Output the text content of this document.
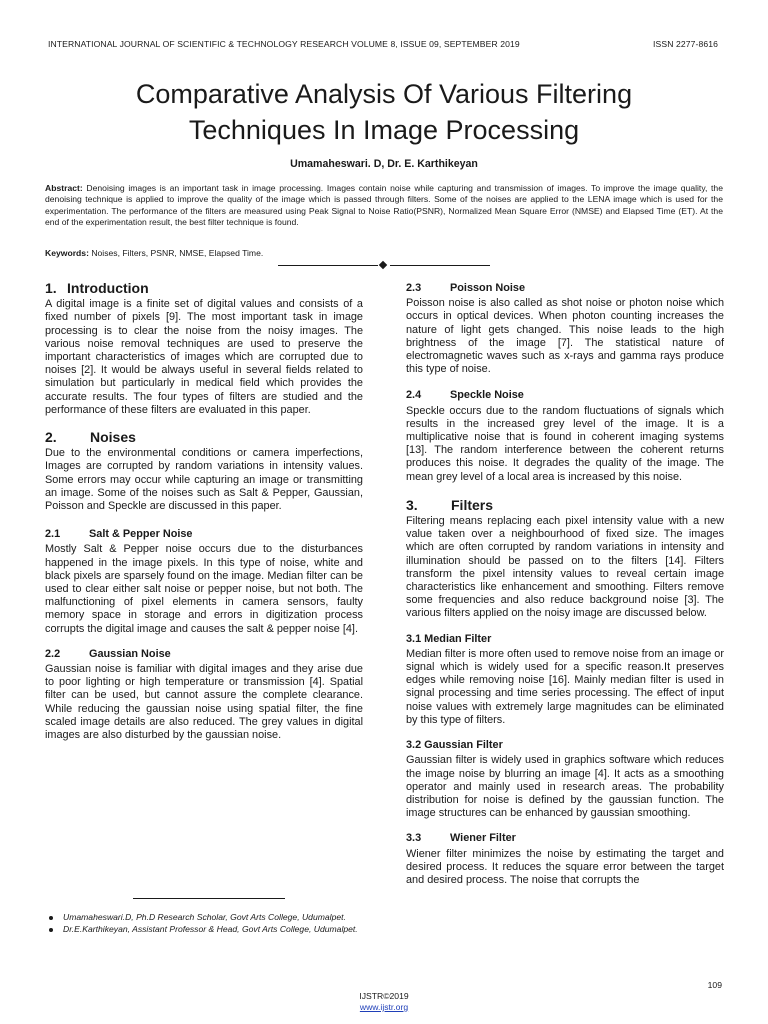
INTERNATIONAL JOURNAL OF SCIENTIFIC & TECHNOLOGY RESEARCH VOLUME 8, ISSUE 09, SEPTEMBER 2019	ISSN 2277-8616
Comparative Analysis Of Various Filtering
Techniques In Image Processing
Umamaheswari. D, Dr. E. Karthikeyan

Abstract: Denoising images is an important task in image processing. Images contain noise while capturing and transmission of images. To improve the image quality, the denoising technique is applied to improve the quality of the image which is passed through filters. Some of the noises are applied to the LENA image which is used for the experimentation. The performance of the filters are measured using Peak Signal to Noise Ratio(PSNR), Normalized Mean Square Error (NMSE) and Elapsed Time (ET). At the end of the experimentation result, the best filter technique is found.

Keywords: Noises, Filters, PSNR, NMSE, Elapsed Time.

1. Introduction

A digital image is a finite set of digital values and consists of a fixed number of pixels [9]. The most important task in image processing is to clear the noise from the noisy images. The various noise removal techniques are used to preserve the important characteristics of images which are corrupted due to noises [2]. It would be always useful in several fields related to simulation but particularly in medical field which provides the accurate results. The four types of filters are studied and the performance of these filters are evaluated in this paper.

2. Noises

Due to the environmental conditions or camera imperfections, Images are corrupted by random variations in intensity values. Some errors may occur while capturing an image or transmitting an image. Some of the noises such as Salt & Pepper, Gaussian, Poisson and Speckle are discussed in this paper.

2.1	Salt & Pepper Noise

Mostly Salt & Pepper noise occurs due to the disturbances happened in the image pixels. In this type of noise, white and black pixels are sparsely found on the image. Median filter can be used to clear either salt noise or pepper noise, but not both. The malfunctioning of pixel elements in camera sensors, faulty memory space in storage and errors in digitization process corrupts the digital image and causes the salt & pepper noise [4].

2.2	Gaussian Noise

Gaussian noise is familiar with digital images and they arise due to poor lighting or high temperature or transmission [4]. Spatial filter can be used, but cannot assure the complete clearance. While reducing the gaussian noise using spatial filter, the fine scaled image details are also reduced. The grey values in digital images are also disturbed by the gaussian noise.

2.3	Poisson Noise

Poisson noise is also called as shot noise or photon noise which occurs in optical devices. When photon counting increases the nature of light gets changed. This noise leads to the high brightness of the image [7]. The statistical nature of electromagnetic waves such as x-rays and gamma rays produce this type of noise.

2.4	Speckle Noise

Speckle occurs due to the random fluctuations of signals which results in the increased grey level of the image. It is a multiplicative noise that is found in coherent imaging systems [13]. The random interference between the coherent returns produces this noise. It degrades the quality of the image. The mean grey level of a local area is increased by this noise.

3. Filters

Filtering means replacing each pixel intensity value with a new value taken over a neighbourhood of fixed size. The images which are often corrupted by random variations in intensity and illumination should be passed on to the filters [14]. Filters transform the pixel intensity values to reveal certain image characteristics like enhancement and smoothing. Filters remove some frequencies and also reduce background noise [3]. The various filters applied on the noisy image are discussed below.

3.1 Median Filter

Median filter is more often used to remove noise from an image or signal which is widely used for a specific reason.It preserves edges while removing noise [16]. Mainly median filter is used in signal processing and time series processing. The effect of input noise values with extremely large magnitudes can be eliminated by this type of filters.

3.2 Gaussian Filter

Gaussian filter is widely used in graphics software which reduces the image noise by blurring an image [4]. It acts as a smoothing operator and mainly used in research areas. The probability distribution for noise is defined by the gaussian function. The image structures can be enhanced by gaussian smoothing.

3.3	Wiener Filter

Wiener filter minimizes the noise by estimating the target and desired process. It reduces the square error between the target and desired process. The noise that corrupts the

Umamaheswari.D, Ph.D Research Scholar, Govt Arts College, Udumalpet.
Dr.E.Karthikeyan, Assistant Professor & Head, Govt Arts College, Udumalpet.
109
IJSTR©2019
www.ijstr.org
